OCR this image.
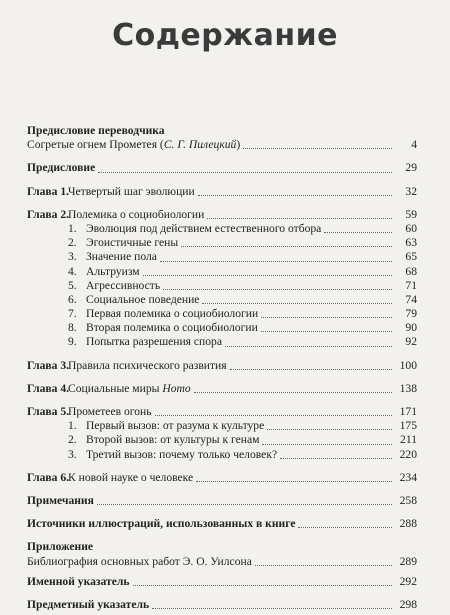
Содержание
Предисловие переводчика
Согретые огнем Прометея (С. Г. Пилецкий)	4
Предисловие	29
Глава 1.Четвертый шаг эволюции	32
Глава 2.Полемика о социобиологии	59
1. Эволюция под действием естественного отбора	60
2. Эгоистичные гены	63
3. Значение пола	65
4. Альтруизм	68
5. Агрессивность	71
6. Социальное поведение	74
7. Первая полемика о социобиологии	79
8. Вторая полемика о социобиологии	90
9. Попытка разрешения спора	92
Глава 3.Правила психического развития	100
Глава 4.Социальные миры Homo	138
Глава 5.Прометеев огонь	171
1. Первый вызов: от разума к культуре	175
2. Второй вызов: от культуры к генам	211
3. Третий вызов: почему только человек?	220
Глава 6.К новой науке о человеке	234
Примечания	258
Источники иллюстраций, использованных в книге	288
Приложение
Библиография основных работ Э. О. Уилсона	289
Именной указатель	292
Предметный указатель	298
